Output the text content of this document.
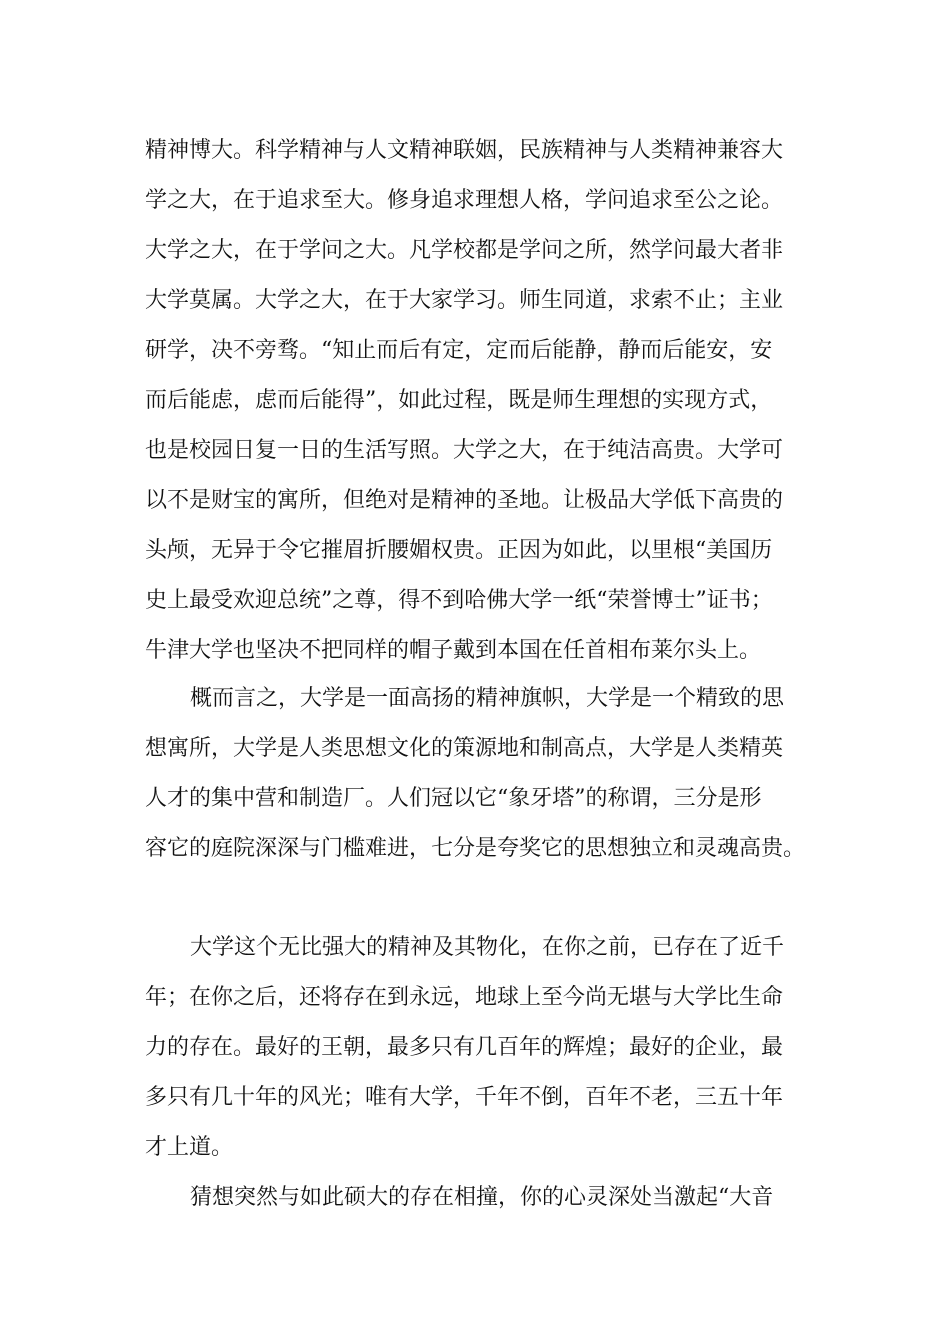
精神博大。科学精神与人文精神联姻，民族精神与人类精神兼容大
学之大，在于追求至大。修身追求理想人格，学问追求至公之论。
大学之大，在于学问之大。凡学校都是学问之所，然学问最大者非
大学莫属。大学之大，在于大家学习。师生同道，求索不止；主业
研学，决不旁骛。“知止而后有定，定而后能静，静而后能安，安
而后能虑，虑而后能得”，如此过程，既是师生理想的实现方式，
也是校园日复一日的生活写照。大学之大，在于纯洁高贵。大学可
以不是财宝的寓所，但绝对是精神的圣地。让极品大学低下高贵的
头颅，无异于令它摧眉折腰媚权贵。正因为如此，以里根“美国历
史上最受欢迎总统”之尊，得不到哈佛大学一纸“荣誉博士”证书；
牛津大学也坚决不把同样的帽子戴到本国在任首相布莱尔头上。
概而言之，大学是一面高扬的精神旗帜，大学是一个精致的思
想寓所，大学是人类思想文化的策源地和制高点，大学是人类精英
人才的集中营和制造厂。人们冠以它“象牙塔”的称谓，三分是形
容它的庭院深深与门槛难进，七分是夸奖它的思想独立和灵魂高贵。
大学这个无比强大的精神及其物化，在你之前，已存在了近千
年；在你之后，还将存在到永远，地球上至今尚无堪与大学比生命
力的存在。最好的王朝，最多只有几百年的辉煌；最好的企业，最
多只有几十年的风光；唯有大学，千年不倒，百年不老，三五十年
才上道。
猜想突然与如此硕大的存在相撞，你的心灵深处当激起“大音
